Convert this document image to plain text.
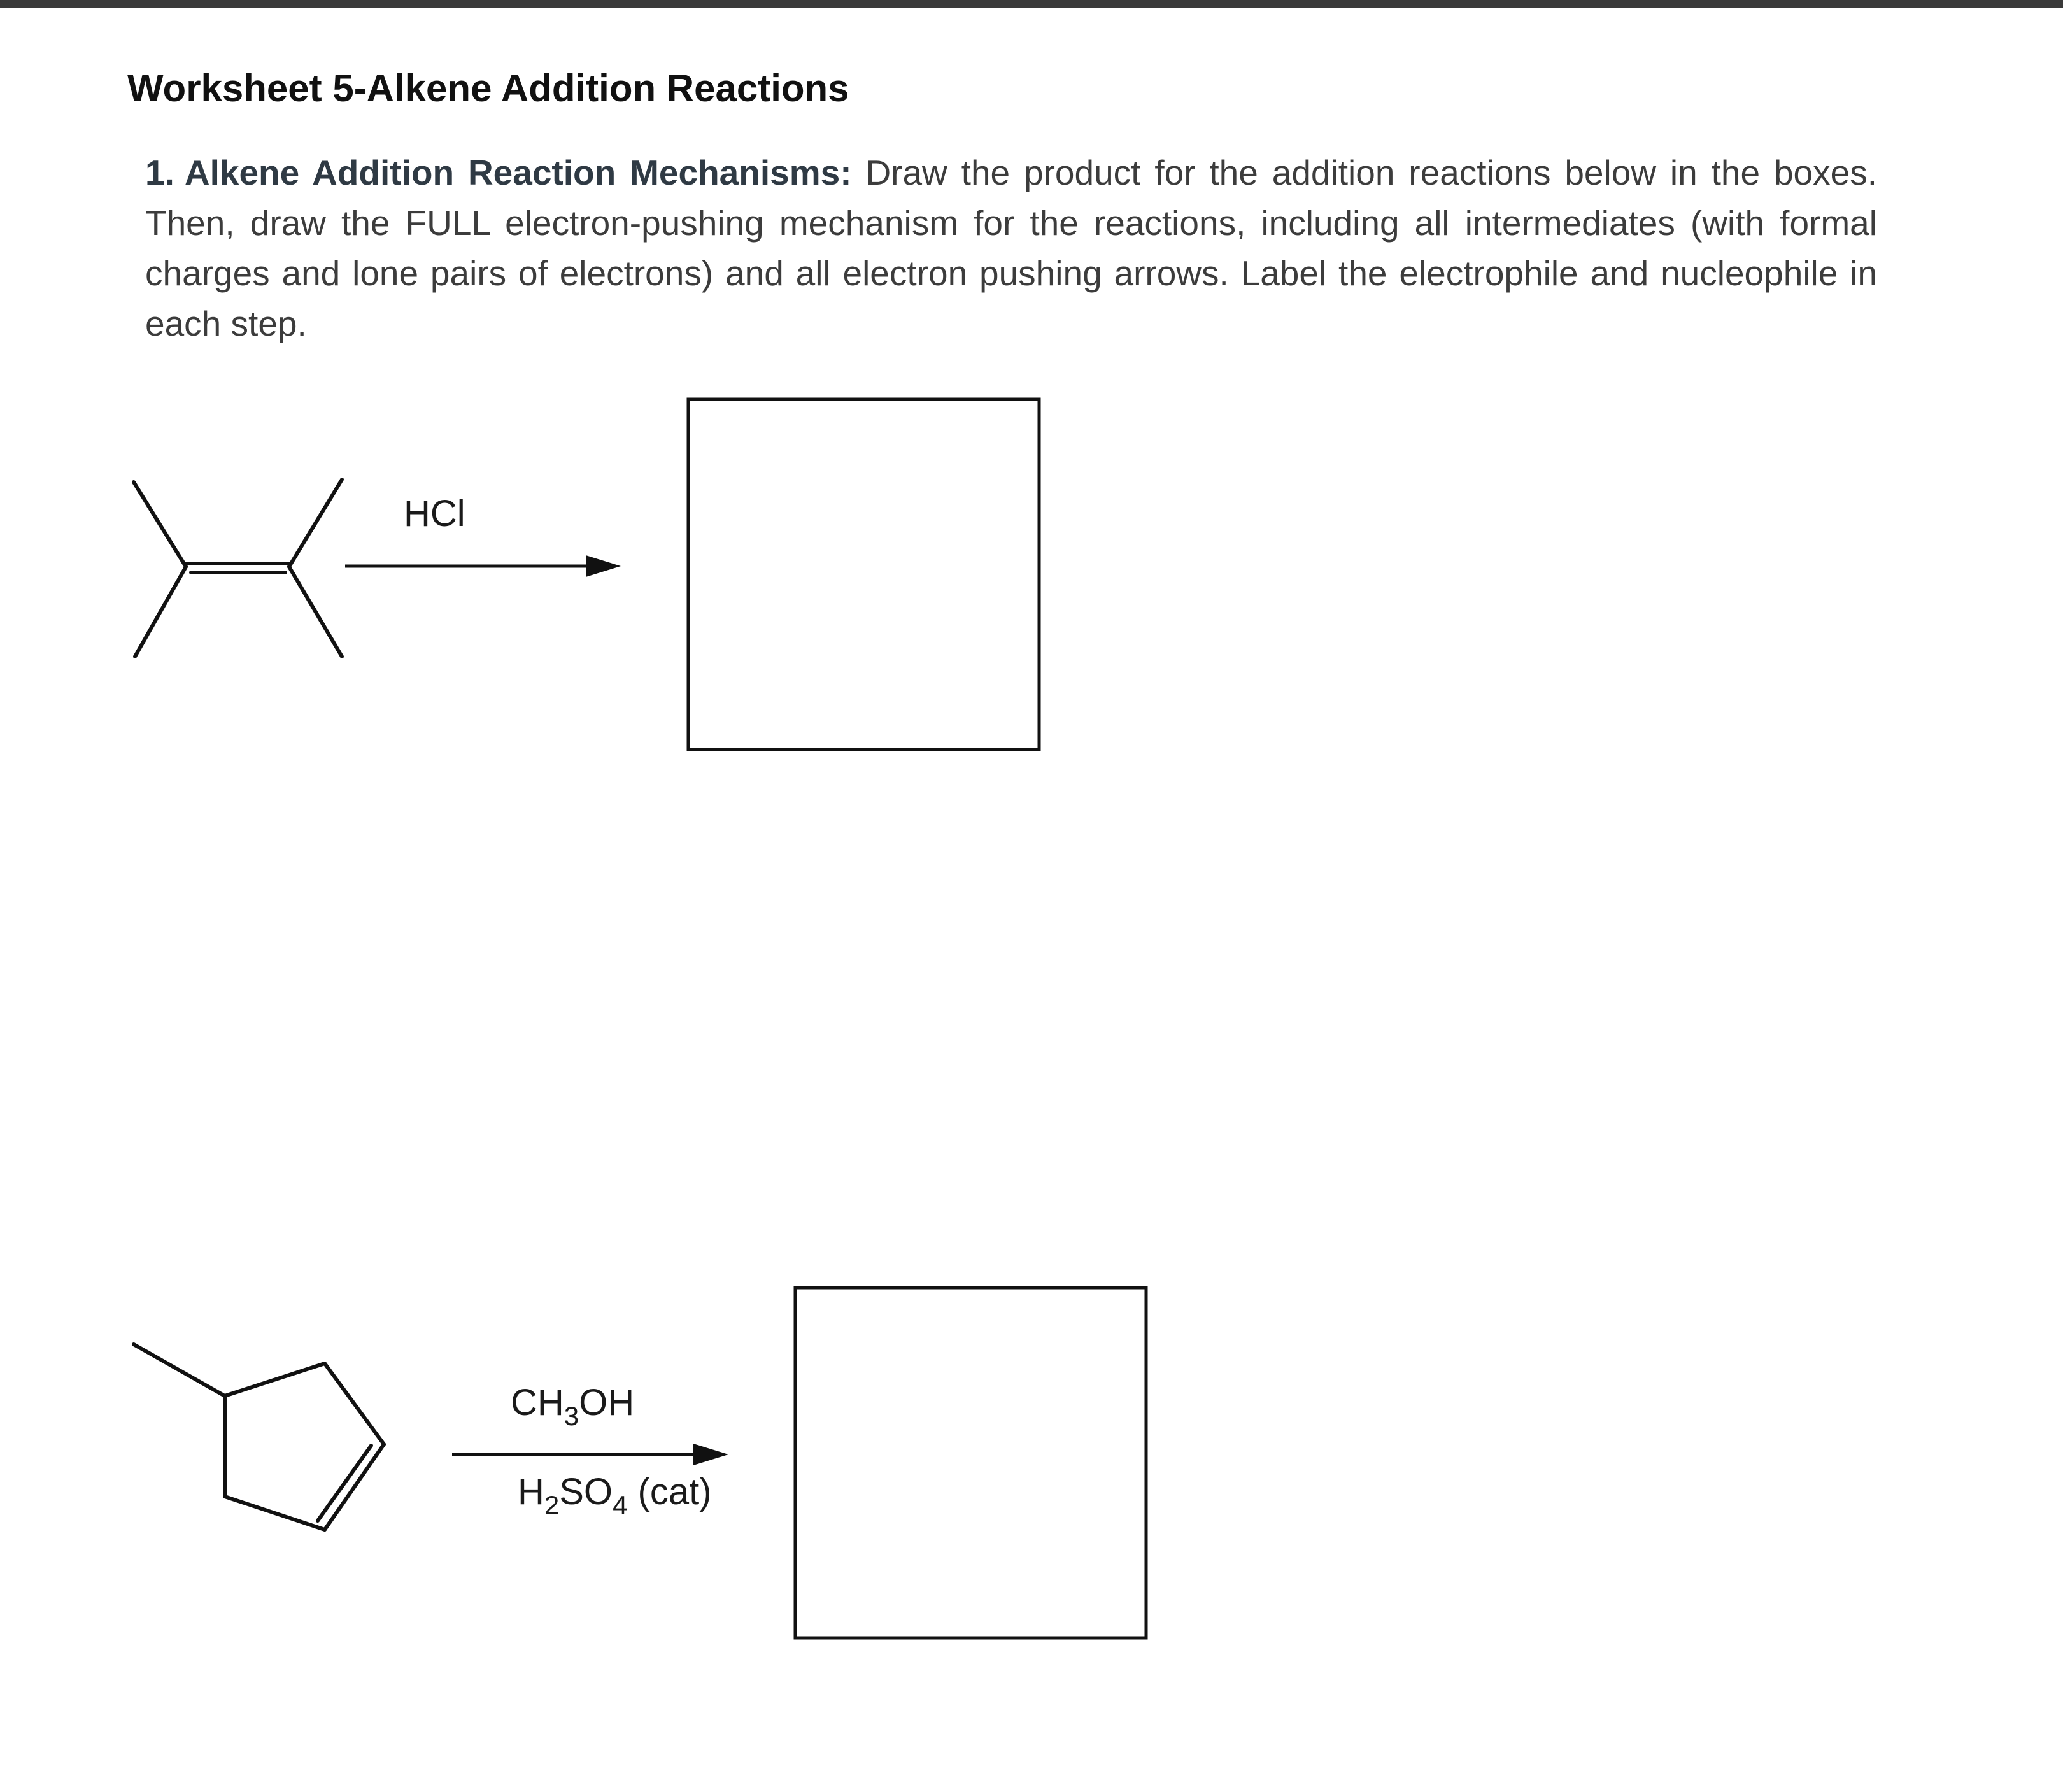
Worksheet 5-Alkene Addition Reactions
1. Alkene Addition Reaction Mechanisms: Draw the product for the addition reactions below in the boxes. Then, draw the FULL electron-pushing mechanism for the reactions, including all intermediates (with formal charges and lone pairs of electrons) and all electron pushing arrows. Label the electrophile and nucleophile in each step.
HCl
$CH_3OH$
$H_2SO_4$ (cat)
